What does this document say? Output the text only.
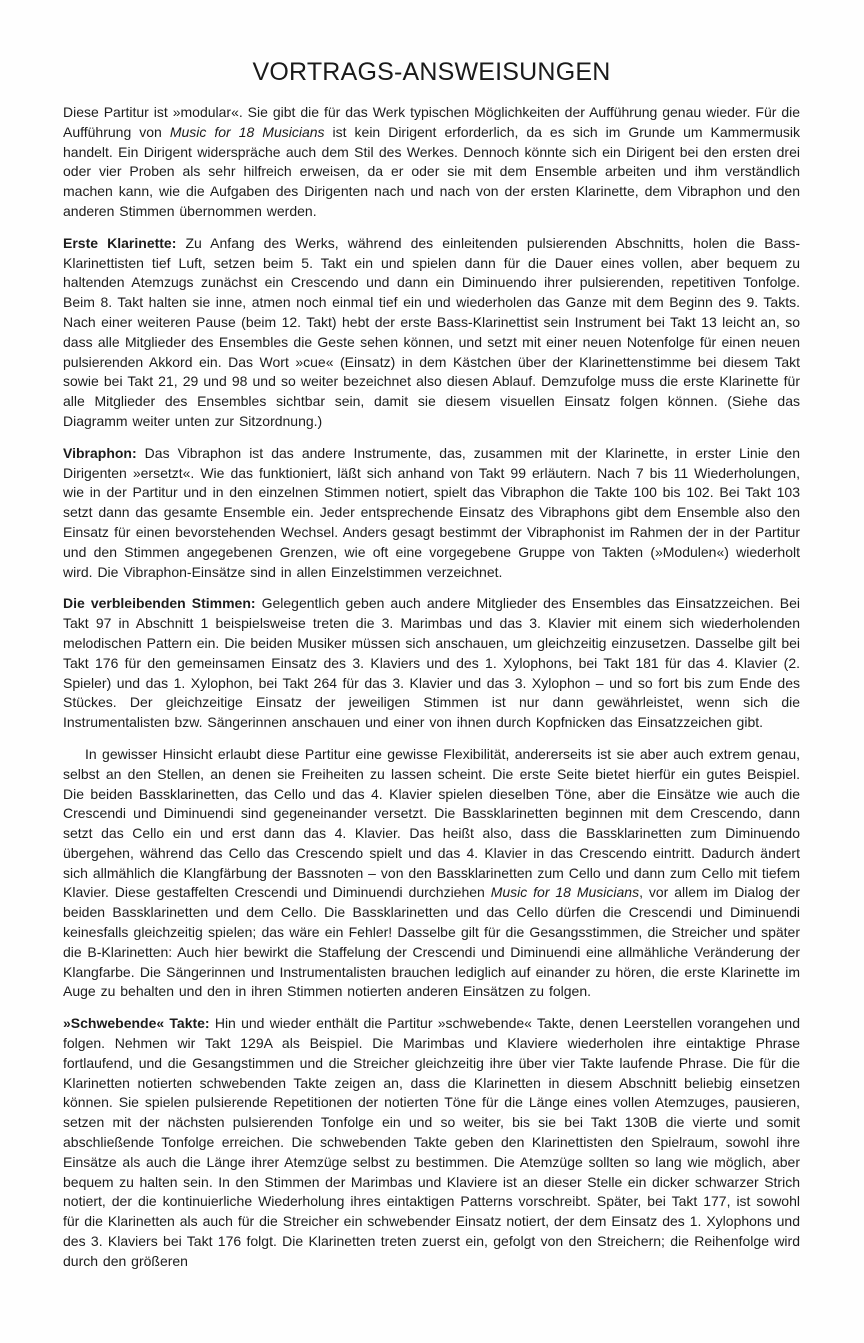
VORTRAGS-ANSWEISUNGEN

Diese Partitur ist »modular«. Sie gibt die für das Werk typischen Möglichkeiten der Aufführung genau wieder. Für die Aufführung von Music for 18 Musicians ist kein Dirigent erforderlich, da es sich im Grunde um Kammermusik handelt. Ein Dirigent widerspräche auch dem Stil des Werkes. Dennoch könnte sich ein Dirigent bei den ersten drei oder vier Proben als sehr hilfreich erweisen, da er oder sie mit dem Ensemble arbeiten und ihm verständlich machen kann, wie die Aufgaben des Dirigenten nach und nach von der ersten Klarinette, dem Vibraphon und den anderen Stimmen übernommen werden.

Erste Klarinette: Zu Anfang des Werks, während des einleitenden pulsierenden Abschnitts, holen die Bass-Klarinettisten tief Luft, setzen beim 5. Takt ein und spielen dann für die Dauer eines vollen, aber bequem zu haltenden Atemzugs zunächst ein Crescendo und dann ein Diminuendo ihrer pulsierenden, repetitiven Tonfolge. Beim 8. Takt halten sie inne, atmen noch einmal tief ein und wiederholen das Ganze mit dem Beginn des 9. Takts. Nach einer weiteren Pause (beim 12. Takt) hebt der erste Bass-Klarinettist sein Instrument bei Takt 13 leicht an, so dass alle Mitglieder des Ensembles die Geste sehen können, und setzt mit einer neuen Notenfolge für einen neuen pulsierenden Akkord ein. Das Wort »cue« (Einsatz) in dem Kästchen über der Klarinettenstimme bei diesem Takt sowie bei Takt 21, 29 und 98 und so weiter bezeichnet also diesen Ablauf. Demzufolge muss die erste Klarinette für alle Mitglieder des Ensembles sichtbar sein, damit sie diesem visuellen Einsatz folgen können. (Siehe das Diagramm weiter unten zur Sitzordnung.)

Vibraphon: Das Vibraphon ist das andere Instrumente, das, zusammen mit der Klarinette, in erster Linie den Dirigenten »ersetzt«. Wie das funktioniert, läßt sich anhand von Takt 99 erläutern. Nach 7 bis 11 Wiederholungen, wie in der Partitur und in den einzelnen Stimmen notiert, spielt das Vibraphon die Takte 100 bis 102. Bei Takt 103 setzt dann das gesamte Ensemble ein. Jeder entsprechende Einsatz des Vibraphons gibt dem Ensemble also den Einsatz für einen bevorstehenden Wechsel. Anders gesagt bestimmt der Vibraphonist im Rahmen der in der Partitur und den Stimmen angegebenen Grenzen, wie oft eine vorgegebene Gruppe von Takten (»Modulen«) wiederholt wird. Die Vibraphon-Einsätze sind in allen Einzelstimmen verzeichnet.

Die verbleibenden Stimmen: Gelegentlich geben auch andere Mitglieder des Ensembles das Einsatzzeichen. Bei Takt 97 in Abschnitt 1 beispielsweise treten die 3. Marimbas und das 3. Klavier mit einem sich wiederholenden melodischen Pattern ein. Die beiden Musiker müssen sich anschauen, um gleichzeitig einzusetzen. Dasselbe gilt bei Takt 176 für den gemeinsamen Einsatz des 3. Klaviers und des 1. Xylophons, bei Takt 181 für das 4. Klavier (2. Spieler) und das 1. Xylophon, bei Takt 264 für das 3. Klavier und das 3. Xylophon – und so fort bis zum Ende des Stückes. Der gleichzeitige Einsatz der jeweiligen Stimmen ist nur dann gewährleistet, wenn sich die Instrumentalisten bzw. Sängerinnen anschauen und einer von ihnen durch Kopfnicken das Einsatzzeichen gibt.

In gewisser Hinsicht erlaubt diese Partitur eine gewisse Flexibilität, andererseits ist sie aber auch extrem genau, selbst an den Stellen, an denen sie Freiheiten zu lassen scheint. Die erste Seite bietet hierfür ein gutes Beispiel. Die beiden Bassklarinetten, das Cello und das 4. Klavier spielen dieselben Töne, aber die Einsätze wie auch die Crescendi und Diminuendi sind gegeneinander versetzt. Die Bassklarinetten beginnen mit dem Crescendo, dann setzt das Cello ein und erst dann das 4. Klavier. Das heißt also, dass die Bassklarinetten zum Diminuendo übergehen, während das Cello das Crescendo spielt und das 4. Klavier in das Crescendo eintritt. Dadurch ändert sich allmählich die Klangfärbung der Bassnoten – von den Bassklarinetten zum Cello und dann zum Cello mit tiefem Klavier. Diese gestaffelten Crescendi und Diminuendi durchziehen Music for 18 Musicians, vor allem im Dialog der beiden Bassklarinetten und dem Cello. Die Bassklarinetten und das Cello dürfen die Crescendi und Diminuendi keinesfalls gleichzeitig spielen; das wäre ein Fehler! Dasselbe gilt für die Gesangsstimmen, die Streicher und später die B-Klarinetten: Auch hier bewirkt die Staffelung der Crescendi und Diminuendi eine allmähliche Veränderung der Klangfarbe. Die Sängerinnen und Instrumentalisten brauchen lediglich auf einander zu hören, die erste Klarinette im Auge zu behalten und den in ihren Stimmen notierten anderen Einsätzen zu folgen.

»Schwebende« Takte: Hin und wieder enthält die Partitur »schwebende« Takte, denen Leerstellen vorangehen und folgen. Nehmen wir Takt 129A als Beispiel. Die Marimbas und Klaviere wiederholen ihre eintaktige Phrase fortlaufend, und die Gesangstimmen und die Streicher gleichzeitig ihre über vier Takte laufende Phrase. Die für die Klarinetten notierten schwebenden Takte zeigen an, dass die Klarinetten in diesem Abschnitt beliebig einsetzen können. Sie spielen pulsierende Repetitionen der notierten Töne für die Länge eines vollen Atemzuges, pausieren, setzen mit der nächsten pulsierenden Tonfolge ein und so weiter, bis sie bei Takt 130B die vierte und somit abschließende Tonfolge erreichen. Die schwebenden Takte geben den Klarinettisten den Spielraum, sowohl ihre Einsätze als auch die Länge ihrer Atemzüge selbst zu bestimmen. Die Atemzüge sollten so lang wie möglich, aber bequem zu halten sein. In den Stimmen der Marimbas und Klaviere ist an dieser Stelle ein dicker schwarzer Strich notiert, der die kontinuierliche Wiederholung ihres eintaktigen Patterns vorschreibt. Später, bei Takt 177, ist sowohl für die Klarinetten als auch für die Streicher ein schwebender Einsatz notiert, der dem Einsatz des 1. Xylophons und des 3. Klaviers bei Takt 176 folgt. Die Klarinetten treten zuerst ein, gefolgt von den Streichern; die Reihenfolge wird durch den größeren
